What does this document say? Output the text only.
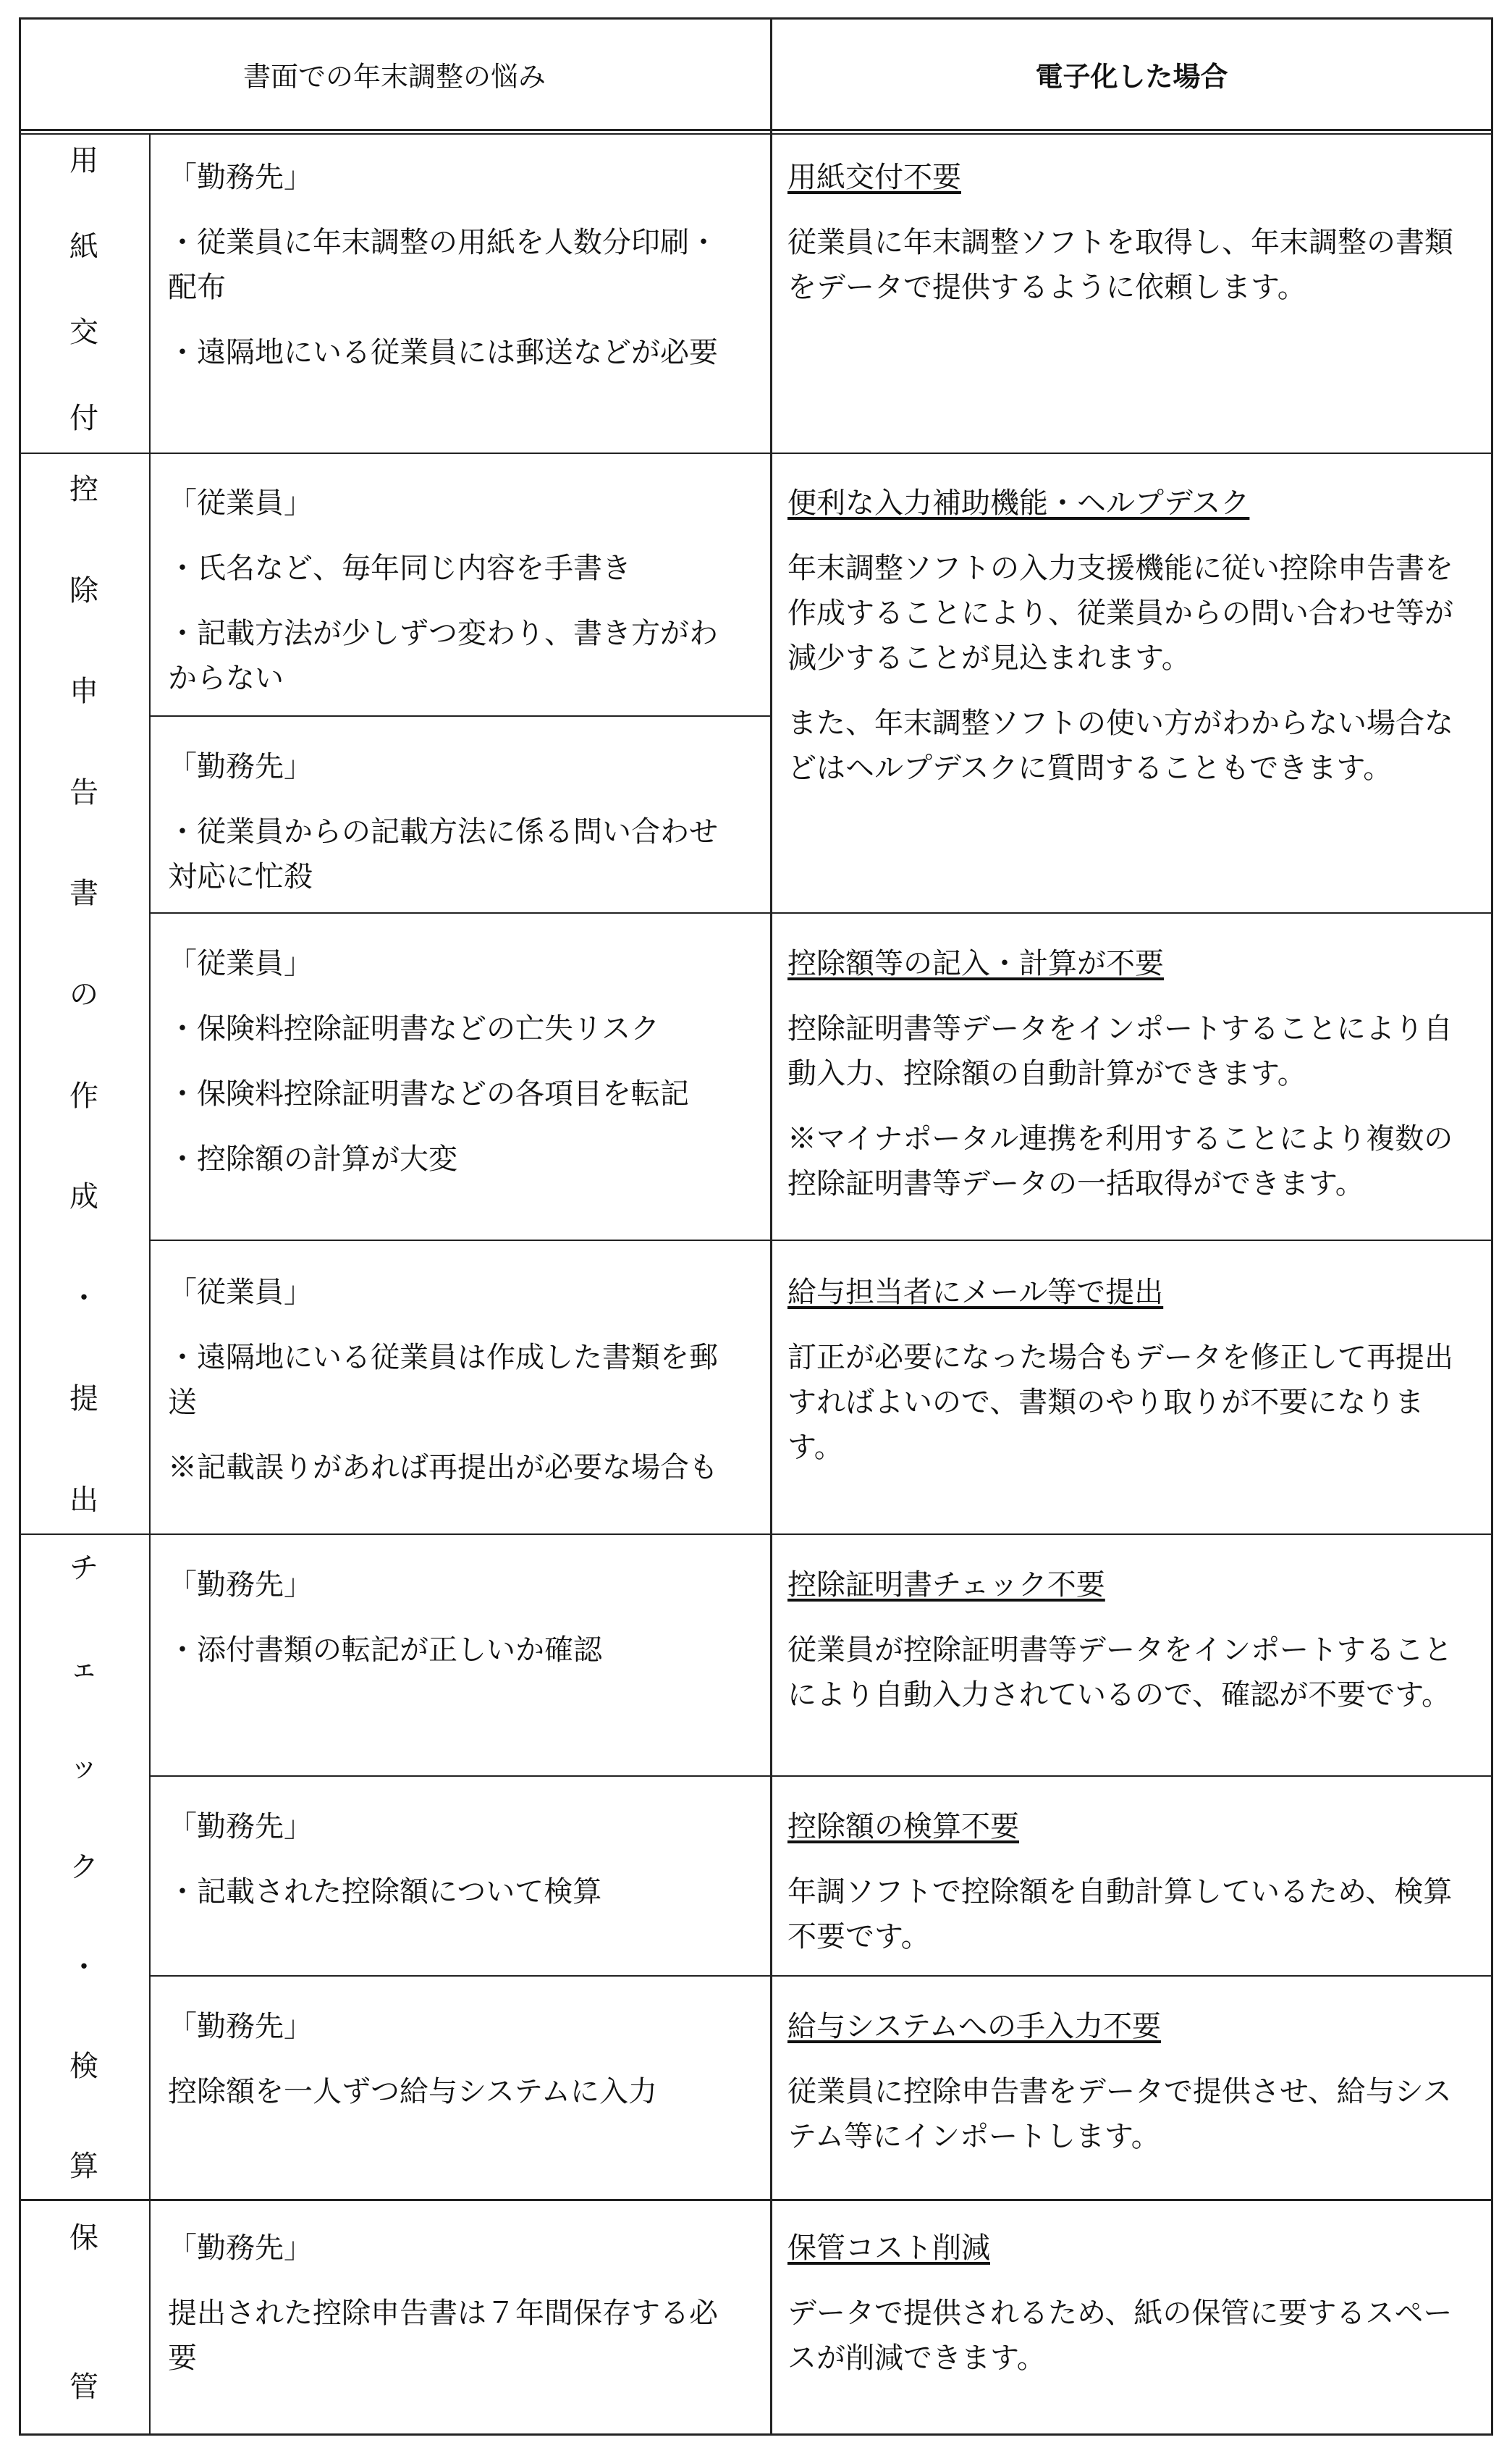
書面での年末調整の悩み	電子化した場合
用
紙
交
付
控
除
申
告
書
の
作
成
・
提
出
チ
ェ
ッ
ク
・
検
算
保
管

「勤務先」

・従業員に年末調整の用紙を人数分印刷・配布

・遠隔地にいる従業員には郵送などが必要

用紙交付不要

従業員に年末調整ソフトを取得し、年末調整の書類をデータで提供するように依頼します。

「従業員」

・氏名など、毎年同じ内容を手書き

・記載方法が少しずつ変わり、書き方がわからない

「勤務先」

・従業員からの記載方法に係る問い合わせ対応に忙殺

便利な入力補助機能・ヘルプデスク

年末調整ソフトの入力支援機能に従い控除申告書を作成することにより、従業員からの問い合わせ等が減少することが見込まれます。

また、年末調整ソフトの使い方がわからない場合などはヘルプデスクに質問することもできます。

「従業員」

・保険料控除証明書などの亡失リスク

・保険料控除証明書などの各項目を転記

・控除額の計算が大変

控除額等の記入・計算が不要

控除証明書等データをインポートすることにより自動入力、控除額の自動計算ができます。

※マイナポータル連携を利用することにより複数の控除証明書等データの一括取得ができます。

「従業員」

・遠隔地にいる従業員は作成した書類を郵送

※記載誤りがあれば再提出が必要な場合も

給与担当者にメール等で提出

訂正が必要になった場合もデータを修正して再提出すればよいので、書類のやり取りが不要になります。

「勤務先」

・添付書類の転記が正しいか確認

控除証明書チェック不要

従業員が控除証明書等データをインポートすることにより自動入力されているので、確認が不要です。

「勤務先」

・記載された控除額について検算

控除額の検算不要

年調ソフトで控除額を自動計算しているため、検算不要です。

「勤務先」

控除額を一人ずつ給与システムに入力

給与システムへの手入力不要

従業員に控除申告書をデータで提供させ、給与システム等にインポートします。

「勤務先」

提出された控除申告書は７年間保存する必要

保管コスト削減

データで提供されるため、紙の保管に要するスペースが削減できます。
